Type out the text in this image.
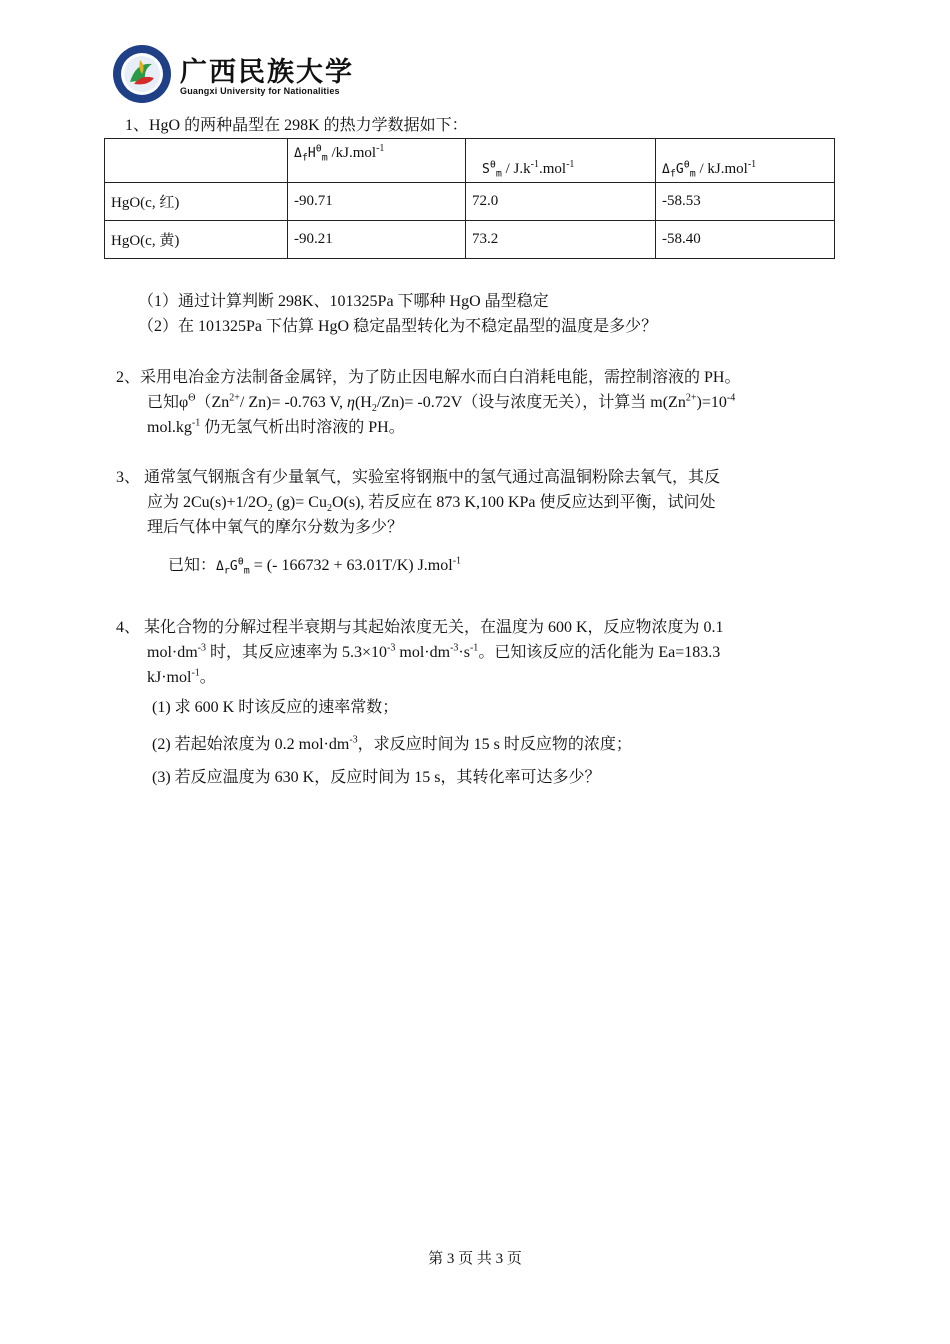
广西民族大学
Guangxi University for Nationalities
1、HgO 的两种晶型在 298K 的热力学数据如下：
	$\Delta_fH^\theta_m$ /kJ.mol$^{-1}$	$S^\theta_m / J.k^{-1}.mol^{-1}$	$\Delta_fG^\theta_m / kJ.mol^{-1}$
HgO(c, 红)	-90.71	72.0	-58.53
HgO(c, 黄)	-90.21	73.2	-58.40
（1）通过计算判断 298K、101325Pa 下哪种 HgO 晶型稳定
（2）在 101325Pa 下估算 HgO 稳定晶型转化为不稳定晶型的温度是多少？
2、采用电冶金方法制备金属锌，为了防止因电解水而白白消耗电能，需控制溶液的 PH。
已知$\varphi^\Theta(Zn^{2+}/$ Zn)= -0.763 V, $\eta(H_2/Zn)= -0.72V$（设与浓度无关），计算当 $m(Zn^{2+})=10^{-4}$
$mol.kg^{-1}$ 仍无氢气析出时溶液的 PH。
3、 通常氢气钢瓶含有少量氧气，实验室将钢瓶中的氢气通过高温铜粉除去氧气，其反
应为 $2Cu(s)+1/2O_2$ $(g)= Cu_2O(s)$, 若反应在 873 K,100 KPa 使反应达到平衡，试问处
理后气体中氧气的摩尔分数为多少？
已知：$\Delta_rG^\theta_m$ = (- 166732 + 63.01T/K) J.mol$^{-1}$
4、 某化合物的分解过程半衰期与其起始浓度无关，在温度为 600 K，反应物浓度为 0.1
$mol\cdot dm^{-3}$ 时，其反应速率为 $5.3\times 10^{-3}$ $mol\cdot dm^{-3}\cdot s^{-1}$。已知该反应的活化能为 Ea=183.3
kJ·mol$^{-1}$。
(1) 求 600 K 时该反应的速率常数；
(2) 若起始浓度为 0.2 $mol\cdot dm^{-3}$，求反应时间为 15 s 时反应物的浓度；
(3) 若反应温度为 630 K，反应时间为 15 s，其转化率可达多少？
第 3 页 共 3 页
